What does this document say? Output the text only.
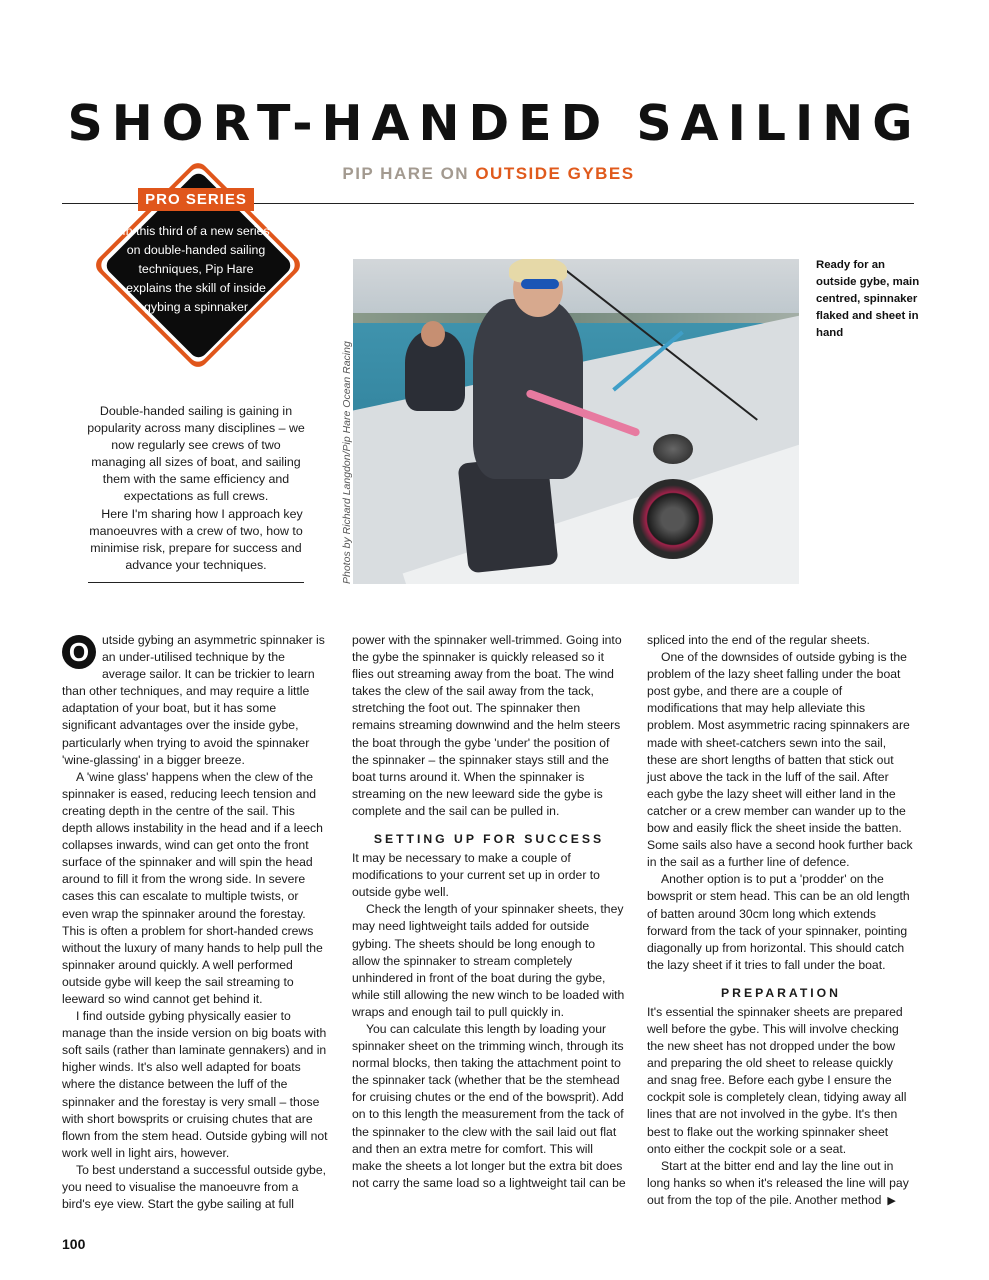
SHORT-HANDED SAILING
PIP HARE ON OUTSIDE GYBES
PRO SERIES
In this third of a new series on double-handed sailing techniques, Pip Hare explains the skill of inside gybing a spinnaker

Double-handed sailing is gaining in popularity across many disciplines – we now regularly see crews of two managing all sizes of boat, and sailing them with the same efficiency and expectations as full crews.

Here I'm sharing how I approach key manoeuvres with a crew of two, how to minimise risk, prepare for success and advance your techniques.	Photos by Richard Langdon/Pip Hare Ocean Racing
Ready for an outside gybe, main centred, spinnaker flaked and sheet in hand

O	utside gybing an asymmetric spinnaker is an under-utilised technique by the average sailor. It can be trickier to learn than other techniques, and may require a little adaptation of your boat, but it has some significant advantages over the inside gybe, particularly when trying to avoid the spinnaker 'wine-glassing' in a bigger breeze.

A 'wine glass' happens when the clew of the spinnaker is eased, reducing leech tension and creating depth in the centre of the sail. This depth allows instability in the head and if a leech collapses inwards, wind can get onto the front surface of the spinnaker and will spin the head around to fill it from the wrong side. In severe cases this can escalate to multiple twists, or even wrap the spinnaker around the forestay. This is often a problem for short-handed crews without the luxury of many hands to help pull the spinnaker around quickly. A well performed outside gybe will keep the sail streaming to leeward so wind cannot get behind it.

I find outside gybing physically easier to manage than the inside version on big boats with soft sails (rather than laminate gennakers) and in higher winds. It's also well adapted for boats where the distance between the luff of the spinnaker and the forestay is very small – those with short bowsprits or cruising chutes that are flown from the stem head. Outside gybing will not work well in light airs, however.

To best understand a successful outside gybe, you need to visualise the manoeuvre from a bird's eye view. Start the gybe sailing at full

power with the spinnaker well-trimmed. Going into the gybe the spinnaker is quickly released so it flies out streaming away from the boat. The wind takes the clew of the sail away from the tack, stretching the foot out. The spinnaker then remains streaming downwind and the helm steers the boat through the gybe 'under' the position of the spinnaker – the spinnaker stays still and the boat turns around it. When the spinnaker is streaming on the new leeward side the gybe is complete and the sail can be pulled in.

SETTING UP FOR SUCCESS

It may be necessary to make a couple of modifications to your current set up in order to outside gybe well.

Check the length of your spinnaker sheets, they may need lightweight tails added for outside gybing. The sheets should be long enough to allow the spinnaker to stream completely unhindered in front of the boat during the gybe, while still allowing the new winch to be loaded with wraps and enough tail to pull quickly in.

You can calculate this length by loading your spinnaker sheet on the trimming winch, through its normal blocks, then taking the attachment point to the spinnaker tack (whether that be the stemhead for cruising chutes or the end of the bowsprit). Add on to this length the measurement from the tack of the spinnaker to the clew with the sail laid out flat and then an extra metre for comfort. This will make the sheets a lot longer but the extra bit does not carry the same load so a lightweight tail can be

spliced into the end of the regular sheets.

One of the downsides of outside gybing is the problem of the lazy sheet falling under the boat post gybe, and there are a couple of modifications that may help alleviate this problem. Most asymmetric racing spinnakers are made with sheet-catchers sewn into the sail, these are short lengths of batten that stick out just above the tack in the luff of the sail. After each gybe the lazy sheet will either land in the catcher or a crew member can wander up to the bow and easily flick the sheet inside the batten. Some sails also have a second hook further back in the sail as a further line of defence.

Another option is to put a 'prodder' on the bowsprit or stem head. This can be an old length of batten around 30cm long which extends forward from the tack of your spinnaker, pointing diagonally up from horizontal. This should catch the lazy sheet if it tries to fall under the boat.

PREPARATION

It's essential the spinnaker sheets are prepared well before the gybe. This will involve checking the new sheet has not dropped under the bow and preparing the old sheet to release quickly and snag free. Before each gybe I ensure the cockpit sole is completely clean, tidying away all lines that are not involved in the gybe. It's then best to flake out the working spinnaker sheet onto either the cockpit sole or a seat.

Start at the bitter end and lay the line out in long hanks so when it's released the line will pay out from the top of the pile. Another method ▶

100
